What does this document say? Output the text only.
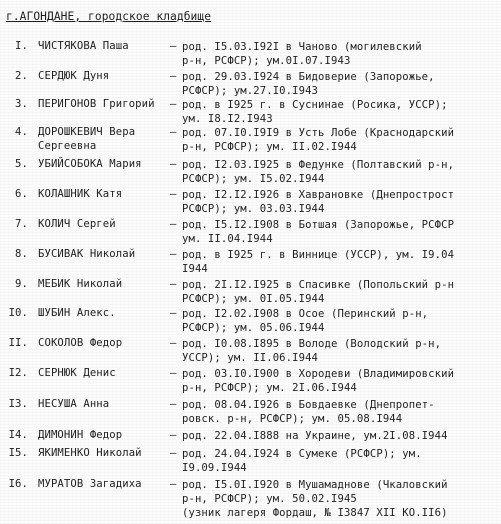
г.АГОНДАНЕ, городское кладбище
I. ЧИСТЯКОВА Паша	– род. I5.03.I92I в Чаново (могилевский
р-н, РСФСР); ум.0I.07.I943
2. СЕРДЮК Дуня	– род. 29.03.I924 в Бидоверие (Запорожье,
РСФСР); ум.27.I0.I943
3. ПЕРИГОНОВ Григорий – род. в I925 г. в Суснинае (Росика, УССР);
ум. I8.I2.I943
4. ДОРОШКЕВИЧ Вера
Сергеевна
– род. 07.I0.I9I9 в Усть Лобе (Краснодарский
р-н, РСФСР); ум. II.02.I944
5. УБИЙСОБОКА Мария	– род. I2.03.I925 в Федунке (Полтавский р-н,
РСФСР); ум. I5.02.I944
6. КОЛАШНИК Катя	– род. I2.I2.I926 в Хаврановке (Днепрострост
РСФСР); ум. 03.03.I944
7. КОЛИЧ Сергей	– род. I5.I2.I908 в Ботшая (Запорожье, РСФСР
ум. II.04.I944
8. БУСИВАК Николай	– род. в I925 г. в Виннице (УССР), ум. I9.04
I944
9. МЕБИК Николай	– род. 2I.I2.I925 в Спасивке (Попольский р-н
РСФСР); ум. 0I.05.I944
I0. ШУБИН Алекс.	– род. I2.02.I908 в Осое (Перинский р-н,
РСФСР); ум. 05.06.I944
II. СОКОЛОВ Федор	– род. I0.08.I895 в Володе (Володский р-н,
УССР); ум. II.06.I944
I2. СЕРНЮК Денис	– род. 03.I0.I900 в Хородеви (Владимировский
р-н, РСФСР); ум. 2I.06.I944
I3. НЕСУША Анна	– род. 08.04.I926 в Бовдаевке (Днепропет-
ровск. р-н, РСФСР); ум. 05.08.I944
I4. ДИМОНИН Федор	– род. 22.04.I888 на Украине, ум.2I.08.I944
I5. ЯКИМЕНКО Николай	– род. 24.04.I924 в Сумеке (РСФСР); ум.
I9.09.I944
I6. МУРАТОВ Загадиха	– род. I5.0I.I920 в Мушамаднове (Чкаловский
р-н, РСФСР); ум. 50.02.I945
(узник лагеря Фордаш, № I3847 XII КО.II6)
